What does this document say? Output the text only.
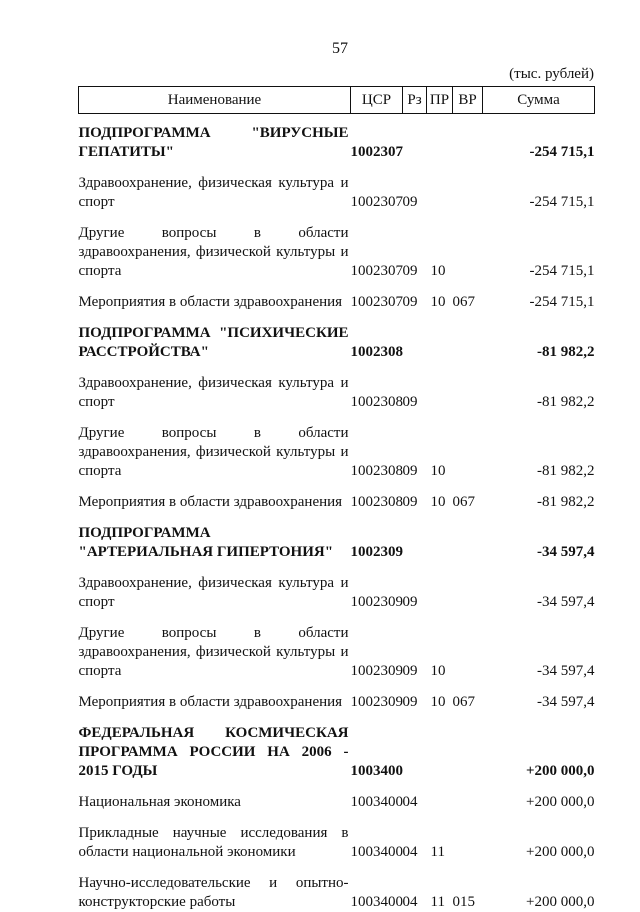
57
(тыс. рублей)
Наименование	ЦСР	Рз	ПР	ВР	Сумма
ПОДПРОГРАММА "ВИРУСНЫЕ ГЕПАТИТЫ"	1002307				-254 715,1
Здравоохранение, физическая культура и спорт	1002307	09			-254 715,1
Другие вопросы в области здравоохранения, физической культуры и спорта	1002307	09	10		-254 715,1
Мероприятия в области здравоохранения	1002307	09	10	067	-254 715,1
ПОДПРОГРАММА "ПСИХИЧЕСКИЕ РАССТРОЙСТВА"	1002308				-81 982,2
Здравоохранение, физическая культура и спорт	1002308	09			-81 982,2
Другие вопросы в области здравоохранения, физической культуры и спорта	1002308	09	10		-81 982,2
Мероприятия в области здравоохранения	1002308	09	10	067	-81 982,2
ПОДПРОГРАММА "АРТЕРИАЛЬНАЯ ГИПЕРТОНИЯ"	1002309				-34 597,4
Здравоохранение, физическая культура и спорт	1002309	09			-34 597,4
Другие вопросы в области здравоохранения, физической культуры и спорта	1002309	09	10		-34 597,4
Мероприятия в области здравоохранения	1002309	09	10	067	-34 597,4
ФЕДЕРАЛЬНАЯ КОСМИЧЕСКАЯ ПРОГРАММА РОССИИ НА 2006 - 2015 ГОДЫ	1003400				+200 000,0
Национальная экономика	1003400	04			+200 000,0
Прикладные научные исследования в области национальной экономики	1003400	04	11		+200 000,0
Научно-исследовательские и опытно-конструкторские работы	1003400	04	11	015	+200 000,0
